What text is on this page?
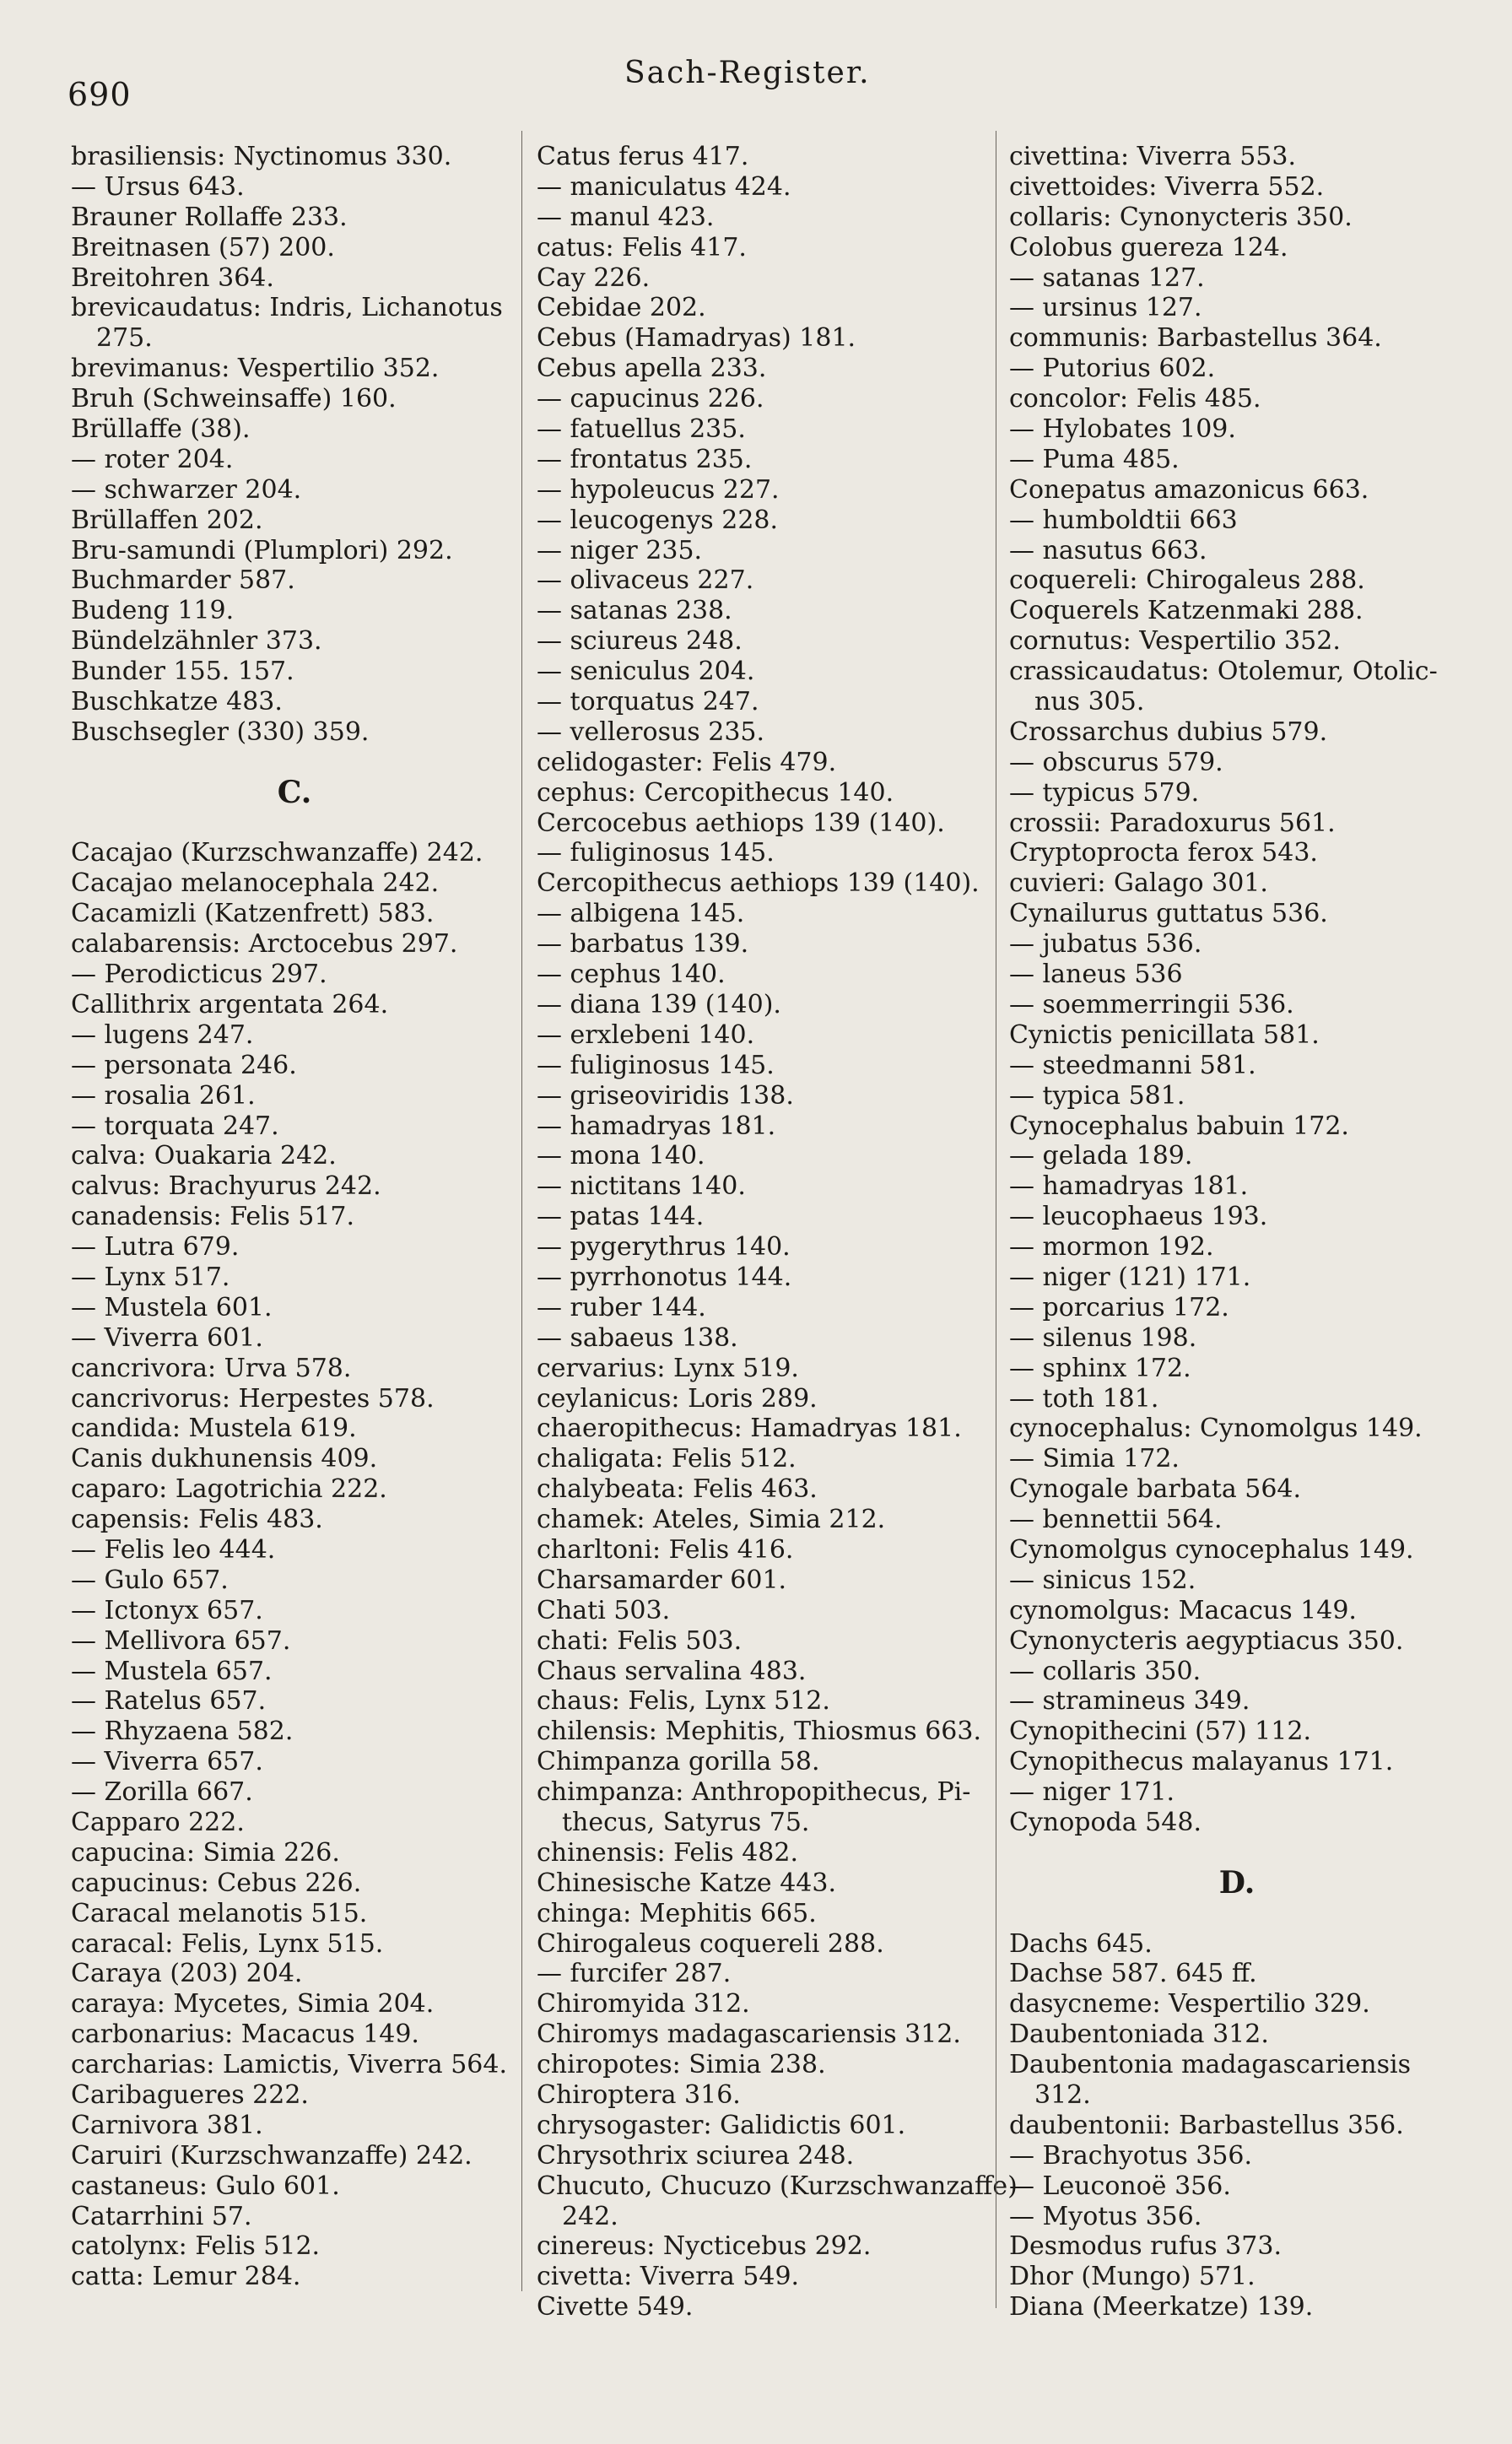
690
Sach-Register.
brasiliensis: Nyctinomus 330.
— Ursus 643.
Brauner Rollaffe 233.
Breitnasen (57) 200.
Breitohren 364.
brevicaudatus: Indris, Lichanotus
275.
brevimanus: Vespertilio 352.
Bruh (Schweinsaffe) 160.
Brüllaffe (38).
— roter 204.
— schwarzer 204.
Brüllaffen 202.
Bru-samundi (Plumplori) 292.
Buchmarder 587.
Budeng 119.
Bündelzähnler 373.
Bunder 155. 157.
Buschkatze 483.
Buschsegler (330) 359.
C.
Cacajao (Kurzschwanzaffe) 242.
Cacajao melanocephala 242.
Cacamizli (Katzenfrett) 583.
calabarensis: Arctocebus 297.
— Perodicticus 297.
Callithrix argentata 264.
— lugens 247.
— personata 246.
— rosalia 261.
— torquata 247.
calva: Ouakaria 242.
calvus: Brachyurus 242.
canadensis: Felis 517.
— Lutra 679.
— Lynx 517.
— Mustela 601.
— Viverra 601.
cancrivora: Urva 578.
cancrivorus: Herpestes 578.
candida: Mustela 619.
Canis dukhunensis 409.
caparo: Lagotrichia 222.
capensis: Felis 483.
— Felis leo 444.
— Gulo 657.
— Ictonyx 657.
— Mellivora 657.
— Mustela 657.
— Ratelus 657.
— Rhyzaena 582.
— Viverra 657.
— Zorilla 667.
Capparo 222.
capucina: Simia 226.
capucinus: Cebus 226.
Caracal melanotis 515.
caracal: Felis, Lynx 515.
Caraya (203) 204.
caraya: Mycetes, Simia 204.
carbonarius: Macacus 149.
carcharias: Lamictis, Viverra 564.
Caribagueres 222.
Carnivora 381.
Caruiri (Kurzschwanzaffe) 242.
castaneus: Gulo 601.
Catarrhini 57.
catolynx: Felis 512.
catta: Lemur 284.
Catus ferus 417.
— maniculatus 424.
— manul 423.
catus: Felis 417.
Cay 226.
Cebidae 202.
Cebus (Hamadryas) 181.
Cebus apella 233.
— capucinus 226.
— fatuellus 235.
— frontatus 235.
— hypoleucus 227.
— leucogenys 228.
— niger 235.
— olivaceus 227.
— satanas 238.
— sciureus 248.
— seniculus 204.
— torquatus 247.
— vellerosus 235.
celidogaster: Felis 479.
cephus: Cercopithecus 140.
Cercocebus aethiops 139 (140).
— fuliginosus 145.
Cercopithecus aethiops 139 (140).
— albigena 145.
— barbatus 139.
— cephus 140.
— diana 139 (140).
— erxlebeni 140.
— fuliginosus 145.
— griseoviridis 138.
— hamadryas 181.
— mona 140.
— nictitans 140.
— patas 144.
— pygerythrus 140.
— pyrrhonotus 144.
— ruber 144.
— sabaeus 138.
cervarius: Lynx 519.
ceylanicus: Loris 289.
chaeropithecus: Hamadryas 181.
chaligata: Felis 512.
chalybeata: Felis 463.
chamek: Ateles, Simia 212.
charltoni: Felis 416.
Charsamarder 601.
Chati 503.
chati: Felis 503.
Chaus servalina 483.
chaus: Felis, Lynx 512.
chilensis: Mephitis, Thiosmus 663.
Chimpanza gorilla 58.
chimpanza: Anthropopithecus, Pi-
thecus, Satyrus 75.
chinensis: Felis 482.
Chinesische Katze 443.
chinga: Mephitis 665.
Chirogaleus coquereli 288.
— furcifer 287.
Chiromyida 312.
Chiromys madagascariensis 312.
chiropotes: Simia 238.
Chiroptera 316.
chrysogaster: Galidictis 601.
Chrysothrix sciurea 248.
Chucuto, Chucuzo (Kurzschwanzaffe)
242.
cinereus: Nycticebus 292.
civetta: Viverra 549.
Civette 549.
civettina: Viverra 553.
civettoides: Viverra 552.
collaris: Cynonycteris 350.
Colobus guereza 124.
— satanas 127.
— ursinus 127.
communis: Barbastellus 364.
— Putorius 602.
concolor: Felis 485.
— Hylobates 109.
— Puma 485.
Conepatus amazonicus 663.
— humboldtii 663
— nasutus 663.
coquereli: Chirogaleus 288.
Coquerels Katzenmaki 288.
cornutus: Vespertilio 352.
crassicaudatus: Otolemur, Otolic-
nus 305.
Crossarchus dubius 579.
— obscurus 579.
— typicus 579.
crossii: Paradoxurus 561.
Cryptoprocta ferox 543.
cuvieri: Galago 301.
Cynailurus guttatus 536.
— jubatus 536.
— laneus 536
— soemmerringii 536.
Cynictis penicillata 581.
— steedmanni 581.
— typica 581.
Cynocephalus babuin 172.
— gelada 189.
— hamadryas 181.
— leucophaeus 193.
— mormon 192.
— niger (121) 171.
— porcarius 172.
— silenus 198.
— sphinx 172.
— toth 181.
cynocephalus: Cynomolgus 149.
— Simia 172.
Cynogale barbata 564.
— bennettii 564.
Cynomolgus cynocephalus 149.
— sinicus 152.
cynomolgus: Macacus 149.
Cynonycteris aegyptiacus 350.
— collaris 350.
— stramineus 349.
Cynopithecini (57) 112.
Cynopithecus malayanus 171.
— niger 171.
Cynopoda 548.
D.
Dachs 645.
Dachse 587. 645 ff.
dasycneme: Vespertilio 329.
Daubentoniada 312.
Daubentonia madagascariensis
312.
daubentonii: Barbastellus 356.
— Brachyotus 356.
— Leuconoë 356.
— Myotus 356.
Desmodus rufus 373.
Dhor (Mungo) 571.
Diana (Meerkatze) 139.
